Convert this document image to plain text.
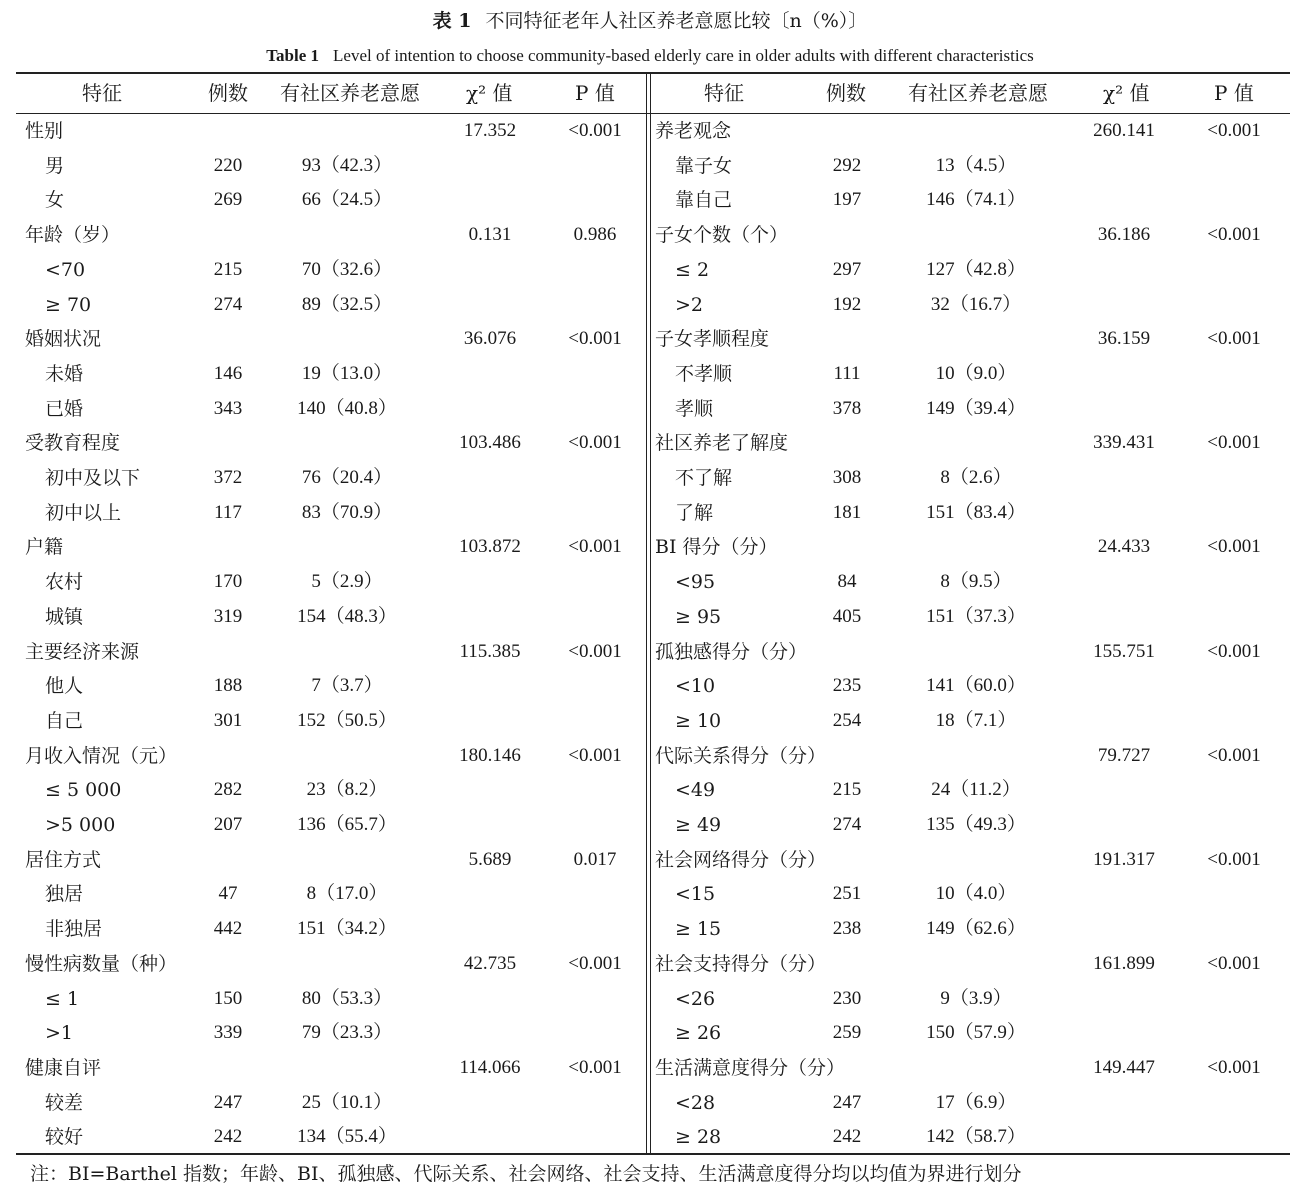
表 1 不同特征老年人社区养老意愿比较〔n（%）〕
Table 1 Level of intention to choose community-based elderly care in older adults with different characteristics
特征	例数 有社区养老意愿 χ² 值	P 值	特征	例数 有社区养老意愿	χ² 值	P 值
性别	17.352	<0.001
男	220	93（42.3）
女	269	66（24.5）
年龄（岁）	0.131	0.986
<70	215	70（32.6）
≥ 70	274	89（32.5）
婚姻状况	36.076	<0.001
未婚	146	19（13.0）
已婚	343	140（40.8）
受教育程度	103.486	<0.001
初中及以下	372	76（20.4）
初中以上	117	83（70.9）
户籍	103.872	<0.001
农村	170	5（2.9）
城镇	319	154（48.3）
主要经济来源	115.385	<0.001
他人	188	7（3.7）
自己	301	152（50.5）
月收入情况（元）	180.146	<0.001
≤ 5 000	282	23（8.2）
>5 000	207	136（65.7）
居住方式	5.689	0.017
独居	47	8（17.0）
非独居	442	151（34.2）
慢性病数量（种）	42.735	<0.001
≤ 1	150	80（53.3）
>1	339	79（23.3）
健康自评	114.066	<0.001
较差	247	25（10.1）
较好	242	134（55.4）
养老观念	260.141	<0.001
靠子女	292	13（4.5）
靠自己	197	146（74.1）
子女个数（个）	36.186	<0.001
≤ 2	297	127（42.8）
>2	192	32（16.7）
子女孝顺程度	36.159	<0.001
不孝顺	111	10（9.0）
孝顺	378	149（39.4）
社区养老了解度	339.431	<0.001
不了解	308	8（2.6）
了解	181	151（83.4）
BI 得分（分）	24.433	<0.001
<95	84	8（9.5）
≥ 95	405	151（37.3）
孤独感得分（分）	155.751	<0.001
<10	235	141（60.0）
≥ 10	254	18（7.1）
代际关系得分（分）	79.727	<0.001
<49	215	24（11.2）
≥ 49	274	135（49.3）
社会网络得分（分）	191.317	<0.001
<15	251	10（4.0）
≥ 15	238	149（62.6）
社会支持得分（分）	161.899	<0.001
<26	230	9（3.9）
≥ 26	259	150（57.9）
生活满意度得分（分）	149.447	<0.001
<28	247	17（6.9）
≥ 28	242	142（58.7）
注：BI=Barthel 指数；年龄、BI、孤独感、代际关系、社会网络、社会支持、生活满意度得分均以均值为界进行划分
